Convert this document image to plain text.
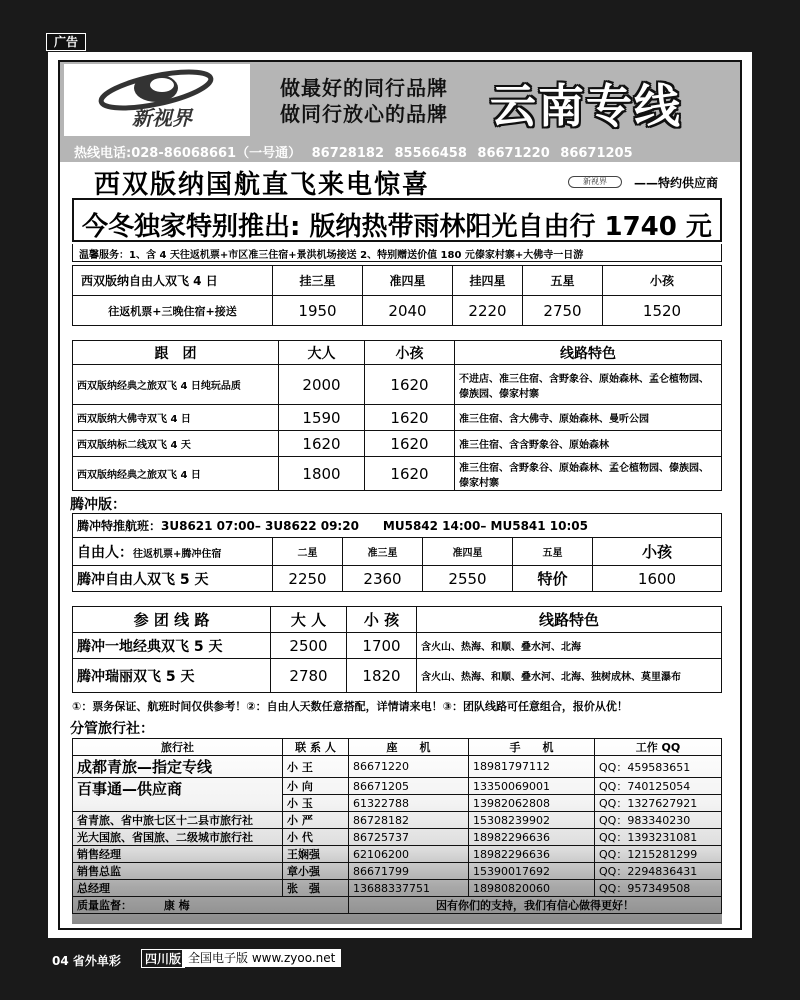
广告
新视界
做最好的同行品牌
做同行放心的品牌 云南专线
热线电话:028-86068661（一号通） 86728182 85566458 86671220 86671205
西双版纳国航直飞来电惊喜	新视界	——特约供应商
今冬独家特别推出: 版纳热带雨林阳光自由行 1740 元
温馨服务：1、含 4 天往返机票+市区准三住宿+景洪机场接送 2、特别赠送价值 180 元傣家村寨+大佛寺一日游
西双版纳自由人双飞 4 日	挂三星	准四星	挂四星	五星	小孩
往返机票+三晚住宿+接送	1950	2040	2220	2750	1520
跟　团	大人	小孩	线路特色
西双版纳经典之旅双飞 4 日纯玩品质	2000	1620	不进店、准三住宿、含野象谷、原始森林、孟仑植物园、傣族园、傣家村寨
西双版纳大佛寺双飞 4 日	1590	1620	准三住宿、含大佛寺、原始森林、曼听公园
西双版纳标二线双飞 4 天	1620	1620	准三住宿、含含野象谷、原始森林
西双版纳经典之旅双飞 4 日	1800	1620	准三住宿、含野象谷、原始森林、孟仑植物园、傣族园、傣家村寨
腾冲版：
腾冲特推航班：3U8621 07:00– 3U8622 09:20　　MU5842 14:00– MU5841 10:05					
自由人：往返机票+腾冲住宿	二星	准三星	准四星	五星	小孩
腾冲自由人双飞 5 天	2250	2360	2550	特价	1600
参 团 线 路	大 人	小 孩	线路特色
腾冲一地经典双飞 5 天	2500	1700	含火山、热海、和顺、叠水河、北海
腾冲瑞丽双飞 5 天	2780	1820	含火山、热海、和顺、叠水河、北海、独树成林、莫里瀑布
①：票务保证、航班时间仅供参考！②：自由人天数任意搭配，详情请来电！③：团队线路可任意组合，报价从优！
分管旅行社：
旅行社	联 系 人	座　　机	手　　机	工作 QQ
成都青旅—指定专线	小 王	86671220	18981797112	QQ：459583651
百事通—供应商	小 向	86671205	13350069001	QQ：740125054
	小 玉	61322788	13982062808	QQ：1327627921
省青旅、省中旅七区十二县市旅行社	小 严	86728182	15308239902	QQ：983340230
光大国旅、省国旅、二级城市旅行社	小 代	86725737	18982296636	QQ：1393231081
销售经理	王娴强	62106200	18982296636	QQ：1215281299
销售总监	章小强	86671799	15390017692	QQ：2294836431
总经理	张　强	13688337751	18980820060	QQ：957349508
质量监督： 康 梅		因有你们的支持，我们有信心做得更好！		
04 省外单彩	四川版 全国电子版 www.zyoo.net
